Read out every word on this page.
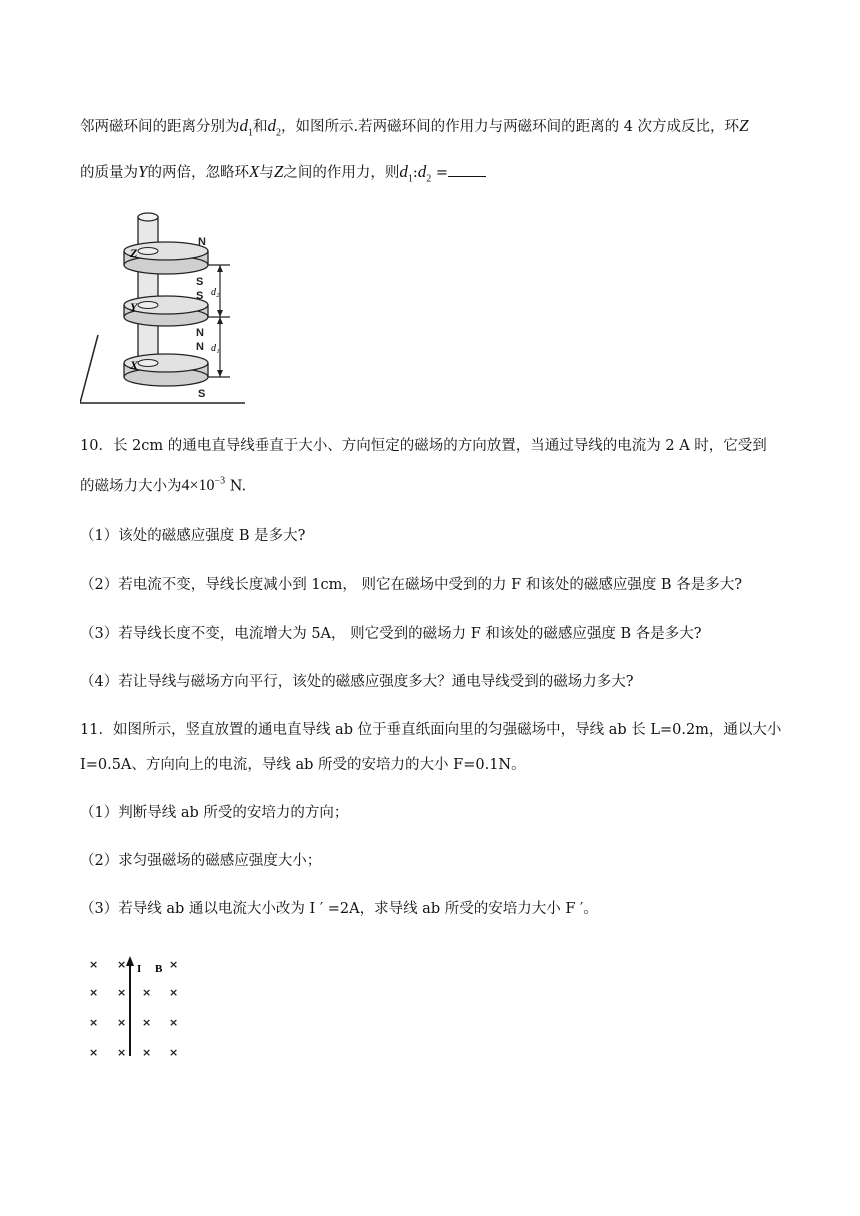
邻两磁环间的距离分别为$d_1$和$d_2$，如图所示.若两磁环间的作用力与两磁环间的距离的 4 次方成反比，环Z
的质量为Y的两倍，忽略环X与Z之间的作用力，则$d_1:d_2$ =
Z
Y
X
N
S
S
N
N
S
d₂
d₁
10．长 2cm 的通电直导线垂直于大小、方向恒定的磁场的方向放置，当通过导线的电流为 2 A 时，它受到
的磁场力大小为$4\times 10^{-3}$ N.
（1）该处的磁感应强度 B 是多大?
（2）若电流不变，导线长度减小到 1cm， 则它在磁场中受到的力 F 和该处的磁感应强度 B 各是多大?
（3）若导线长度不变，电流增大为 5A， 则它受到的磁场力 F 和该处的磁感应强度 B 各是多大?
（4）若让导线与磁场方向平行，该处的磁感应强度多大？通电导线受到的磁场力多大?
11．如图所示，竖直放置的通电直导线 ab 位于垂直纸面向里的匀强磁场中，导线 ab 长 L=0.2m，通以大小
I=0.5A、方向向上的电流，导线 ab 所受的安培力的大小 F=0.1N。
（1）判断导线 ab 所受的安培力的方向；
（2）求匀强磁场的磁感应强度大小；
（3）若导线 ab 通以电流大小改为 I ′ =2A，求导线 ab 所受的安培力大小 F ′。
× ×	×
× × × ×
× × × ×
× × × ×
I B
